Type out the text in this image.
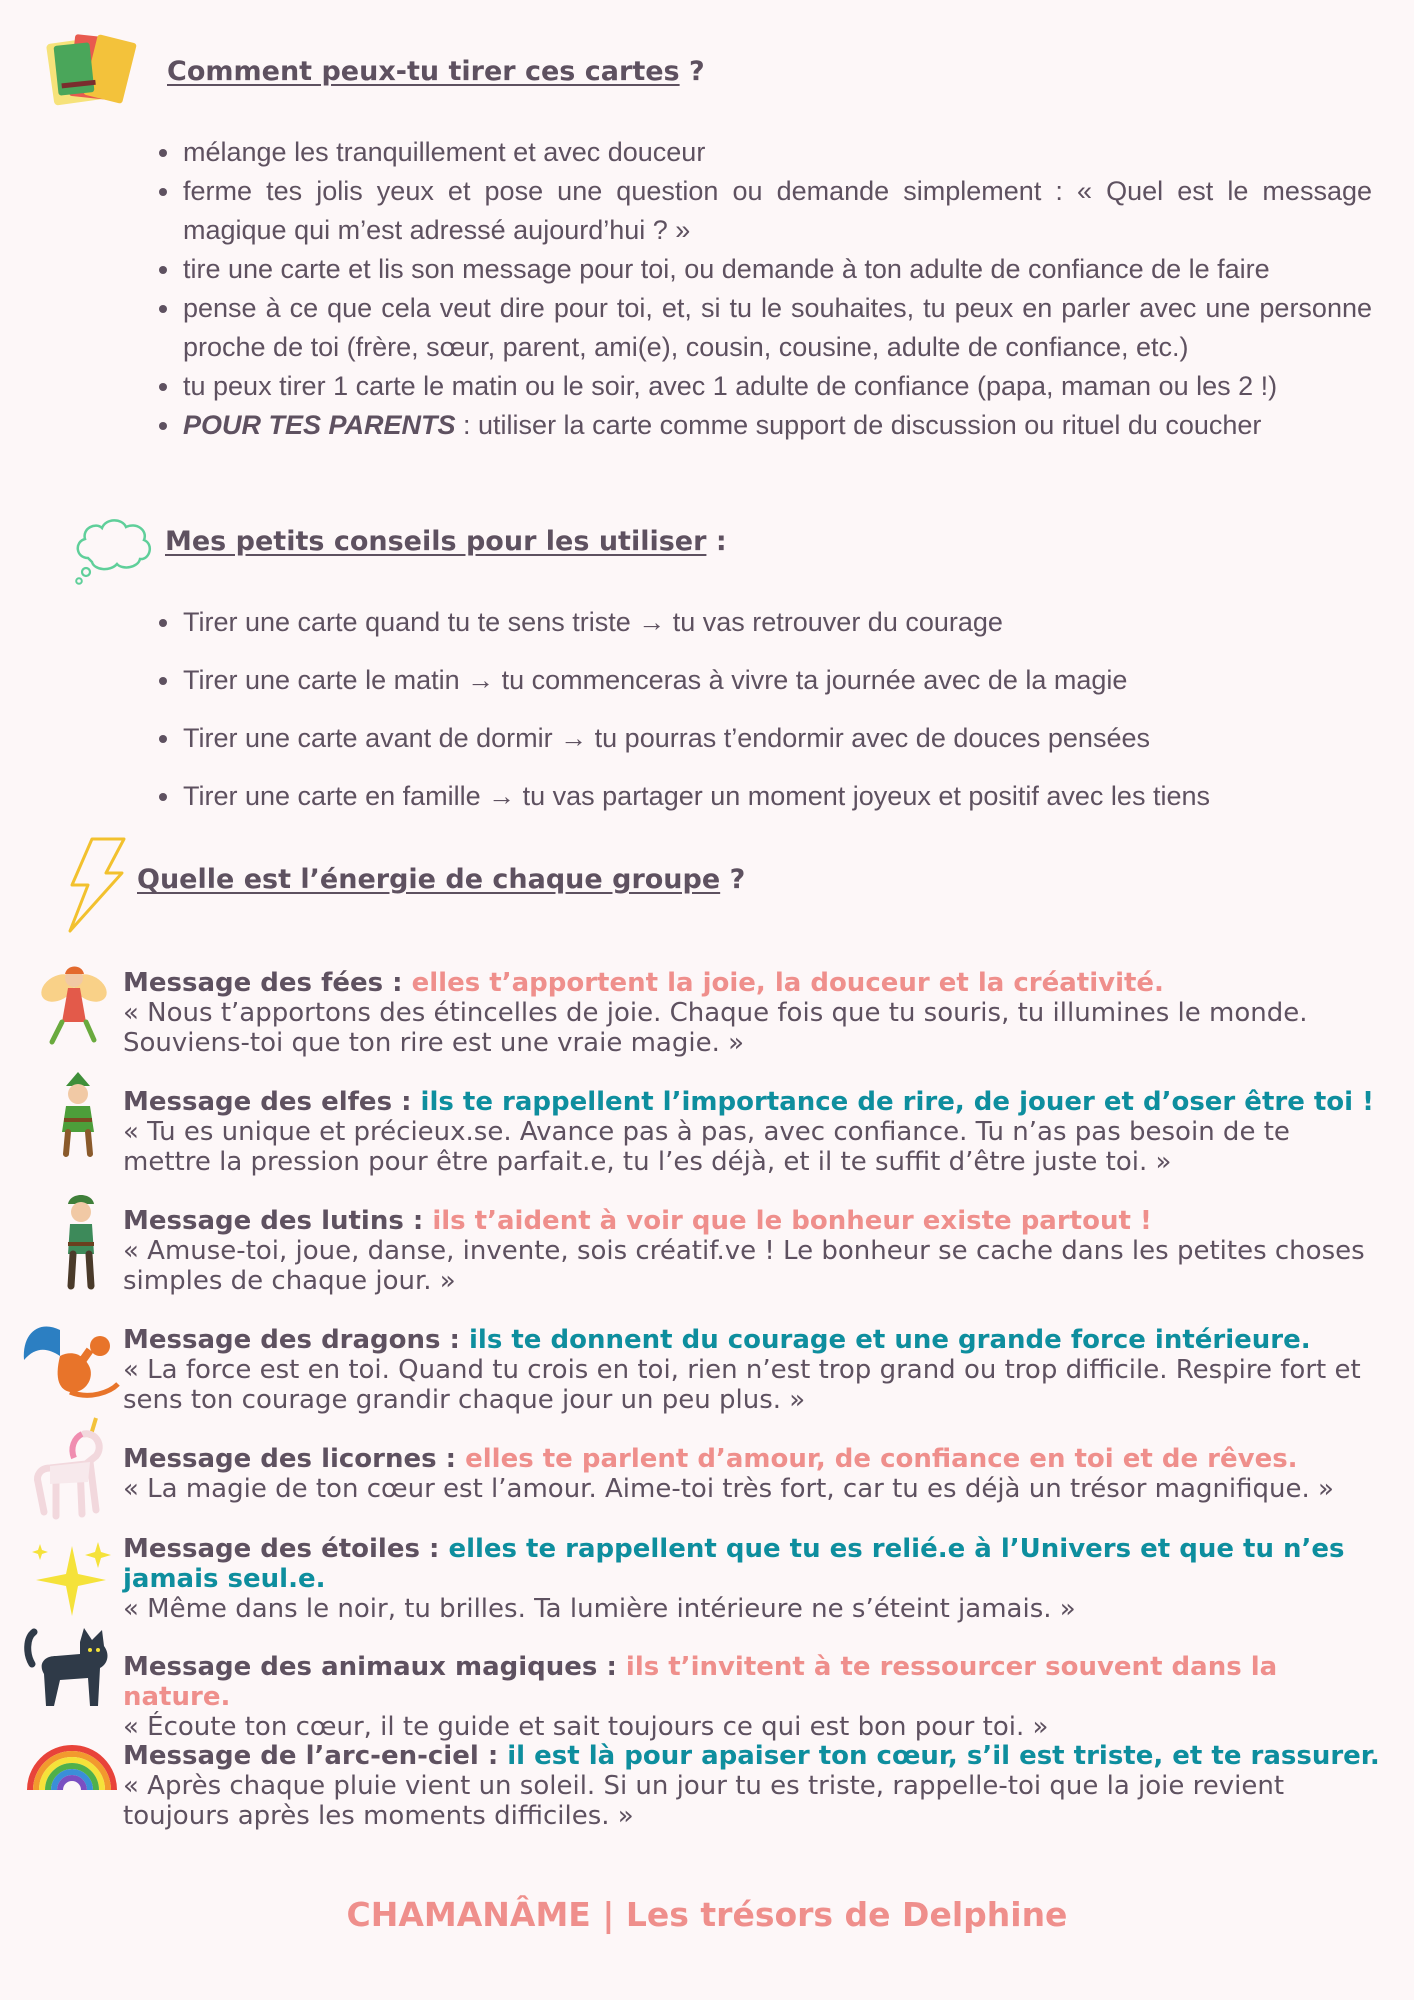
Comment peux-tu tirer ces cartes ?
mélange les tranquillement et avec douceur
ferme tes jolis yeux et pose une question ou demande simplement : « Quel est le message magique qui m’est adressé aujourd’hui ? »
tire une carte et lis son message pour toi, ou demande à ton adulte de confiance de le faire
pense à ce que cela veut dire pour toi, et, si tu le souhaites, tu peux en parler avec une personne proche de toi (frère, sœur, parent, ami(e), cousin, cousine, adulte de confiance, etc.)
tu peux tirer 1 carte le matin ou le soir, avec 1 adulte de confiance (papa, maman ou les 2 !)
POUR TES PARENTS : utiliser la carte comme support de discussion ou rituel du coucher
Mes petits conseils pour les utiliser :
Tirer une carte quand tu te sens triste → tu vas retrouver du courage
Tirer une carte le matin → tu commenceras à vivre ta journée avec de la magie
Tirer une carte avant de dormir → tu pourras t’endormir avec de douces pensées
Tirer une carte en famille → tu vas partager un moment joyeux et positif avec les tiens
Quelle est l’énergie de chaque groupe ?
Message des fées : elles t’apportent la joie, la douceur et la créativité.
« Nous t’apportons des étincelles de joie. Chaque fois que tu souris, tu illumines le monde. Souviens-toi que ton rire est une vraie magie. »
Message des elfes : ils te rappellent l’importance de rire, de jouer et d’oser être toi !
« Tu es unique et précieux.se. Avance pas à pas, avec confiance. Tu n’as pas besoin de te mettre la pression pour être parfait.e, tu l’es déjà, et il te suffit d’être juste toi. »
Message des lutins : ils t’aident à voir que le bonheur existe partout !
« Amuse-toi, joue, danse, invente, sois créatif.ve ! Le bonheur se cache dans les petites choses simples de chaque jour. »
Message des dragons : ils te donnent du courage et une grande force intérieure.
« La force est en toi. Quand tu crois en toi, rien n’est trop grand ou trop difficile. Respire fort et sens ton courage grandir chaque jour un peu plus. »
Message des licornes : elles te parlent d’amour, de confiance en toi et de rêves.
« La magie de ton cœur est l’amour. Aime-toi très fort, car tu es déjà un trésor magnifique. »
Message des étoiles : elles te rappellent que tu es relié.e à l’Univers et que tu n’es jamais seul.e.
« Même dans le noir, tu brilles. Ta lumière intérieure ne s’éteint jamais. »
Message des animaux magiques : ils t’invitent à te ressourcer souvent dans la nature.
« Écoute ton cœur, il te guide et sait toujours ce qui est bon pour toi. »
Message de l’arc-en-ciel : il est là pour apaiser ton cœur, s’il est triste, et te rassurer.
« Après chaque pluie vient un soleil. Si un jour tu es triste, rappelle-toi que la joie revient toujours après les moments difficiles. »
CHAMANÂME | Les trésors de Delphine
